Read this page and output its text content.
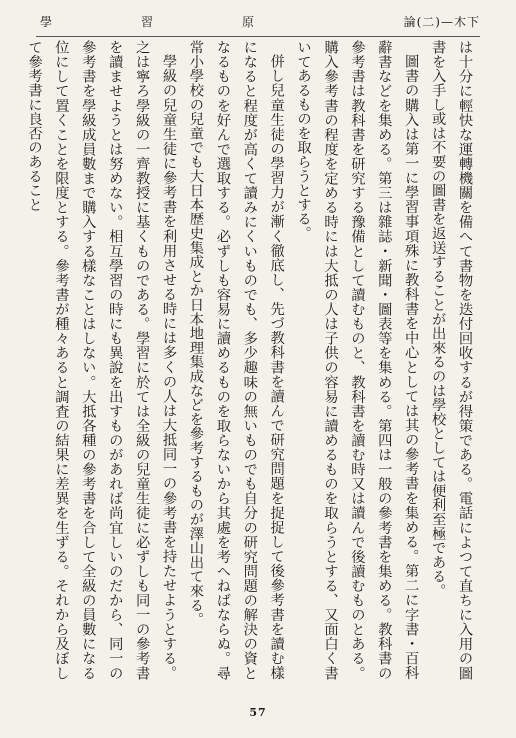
學	習	原	論(二)—木下

は十分に輕快な運轉機關を備へて書物を迭付回收するが得策である。電話によつて直ちに入用の圖書を入手し或は不要の圖書を返送することが出來るのは學校としては便利至極である。

圖書の購入は第一に學習事項殊に教科書を中心としては其の參考書を集める。第二に字書・百科辭書などを集める。第三は雜誌・新聞・圖表等を集める。第四は一般の參考書を集める。教科書の參考書は教科書を研究する豫備として讀むものと、教科書を讀む時又は讀んで後讀むものとある。購入參考書の程度を定める時には大抵の人は子供の容易に讀めるものを取らうとする、又面白く書いてあるものを取らうとする。

併し兒童生徒の學習力が漸く徹底し、先づ教科書を讀んで研究問題を捉捉して後參考書を讀む樣になると程度が高くて讀みにくいものでも、多少趣味の無いものでも自分の研究問題の解決の資となるものを好んで選取する。必ずしも容易に讀めるものを取らないから其處を考へねばならぬ。尋常小學校の兒童でも大日本歴史集成とか日本地理集成などを參考するものが澤山出て來る。

學級の兒童生徒に參考書を利用させる時には多くの人は大抵同一の參考書を持たせようとする。之は寧ろ學級の一齊教授に基くものである。學習に於ては全級の兒童生徒に必ずしも同一の參考書を讀ませようとは努めない。相互學習の時にも異說を出すものがあれば尚宜しいのだから、同一の參考書を學級成員數まで購入する樣なことはしない。大抵各種の參考書を合して全級の員數になる位にして置くことを限度とする。參考書が種々あると調査の結果に差異を生ずる。それから及ぼして參考書に良否のあること

57
